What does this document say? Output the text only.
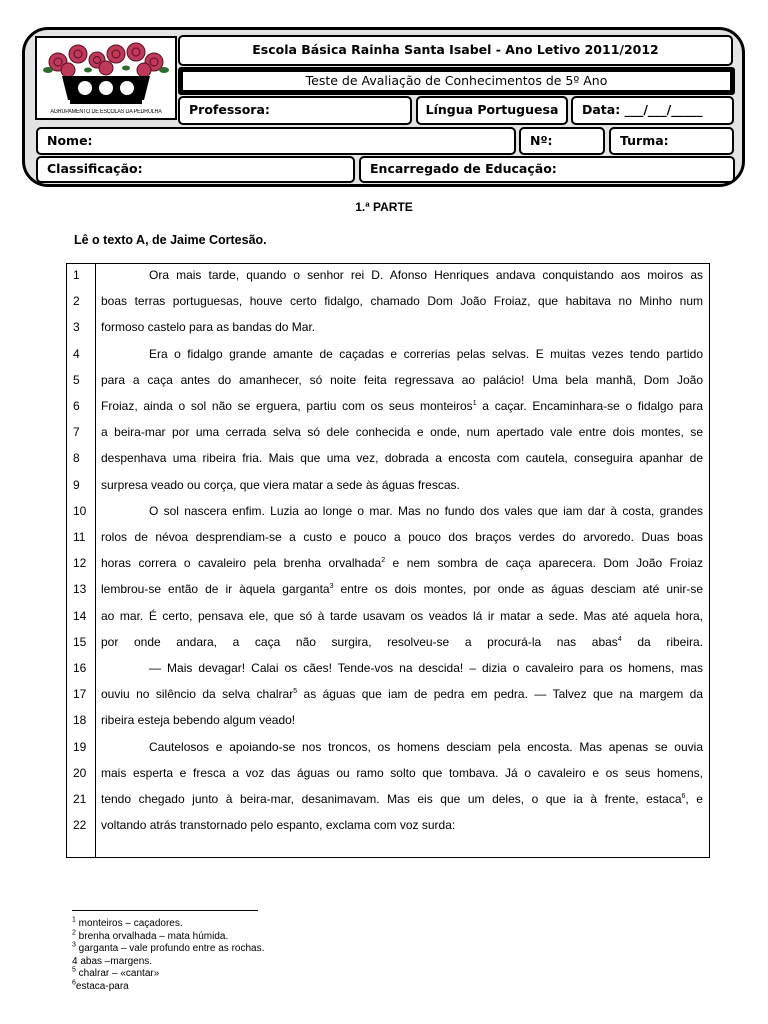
AGRUPAMENTO DE ESCOLAS DA PEDRULHA
Escola Básica Rainha Santa Isabel - Ano Letivo 2011/2012
Teste de Avaliação de Conhecimentos de 5º Ano
Professora:	Língua Portuguesa Data: ___/___/_____
Nome:	Nº:	Turma:
Classificação:	Encarregado de Educação:
1.ª PARTE
Lê o texto A, de Jaime Cortesão.
1	Ora mais tarde, quando o senhor rei D. Afonso Henriques andava conquistando aos moiros as
2 boas terras portuguesas, houve certo fidalgo, chamado Dom João Froiaz, que habitava no Minho num
3 formoso castelo para as bandas do Mar.
4	Era o fidalgo grande amante de caçadas e correrias pelas selvas. E muitas vezes tendo partido
5 para a caça antes do amanhecer, só noite feita regressava ao palácio! Uma bela manhã, Dom João
6 Froiaz, ainda o sol não se erguera, partiu com os seus monteiros$^1$ a caçar. Encaminhara-se o fidalgo para
7 a beira-mar por uma cerrada selva só dele conhecida e onde, num apertado vale entre dois montes, se
8 despenhava uma ribeira fria. Mais que uma vez, dobrada a encosta com cautela, conseguira apanhar de
9 surpresa veado ou corça, que viera matar a sede às águas frescas.
10	O sol nascera enfim. Luzia ao longe o mar. Mas no fundo dos vales que iam dar à costa, grandes
11 rolos de névoa desprendiam-se a custo e pouco a pouco dos braços verdes do arvoredo. Duas boas
12 horas correra o cavaleiro pela brenha orvalhada$^2$ e nem sombra de caça aparecera. Dom João Froiaz
13 lembrou-se então de ir àquela garganta$^3$ entre os dois montes, por onde as águas desciam até unir-se
14 ao mar. É certo, pensava ele, que só à tarde usavam os veados lá ir matar a sede. Mas até aquela hora,
15 por onde andara, a caça não surgira, resolveu-se a procurá-la nas abas$^4$ da ribeira.
16	— Mais devagar! Calai os cães! Tende-vos na descida! – dizia o cavaleiro para os homens, mas
17 ouviu no silêncio da selva chalrar$^5$ as águas que iam de pedra em pedra. — Talvez que na margem da
18 ribeira esteja bebendo algum veado!
19	Cautelosos e apoiando-se nos troncos, os homens desciam pela encosta. Mas apenas se ouvia
20 mais esperta e fresca a voz das águas ou ramo solto que tombava. Já o cavaleiro e os seus homens,
21 tendo chegado junto à beira-mar, desanimavam. Mas eis que um deles, o que ia à frente, estaca$^6$, e
22 voltando atrás transtornado pelo espanto, exclama com voz surda:
$^1$ monteiros – caçadores.
$^2$ brenha orvalhada – mata húmida.
$^3$ garganta – vale profundo entre as rochas.
4 abas –margens.
$^5$ chalrar – «cantar»
$^6$estaca-para
